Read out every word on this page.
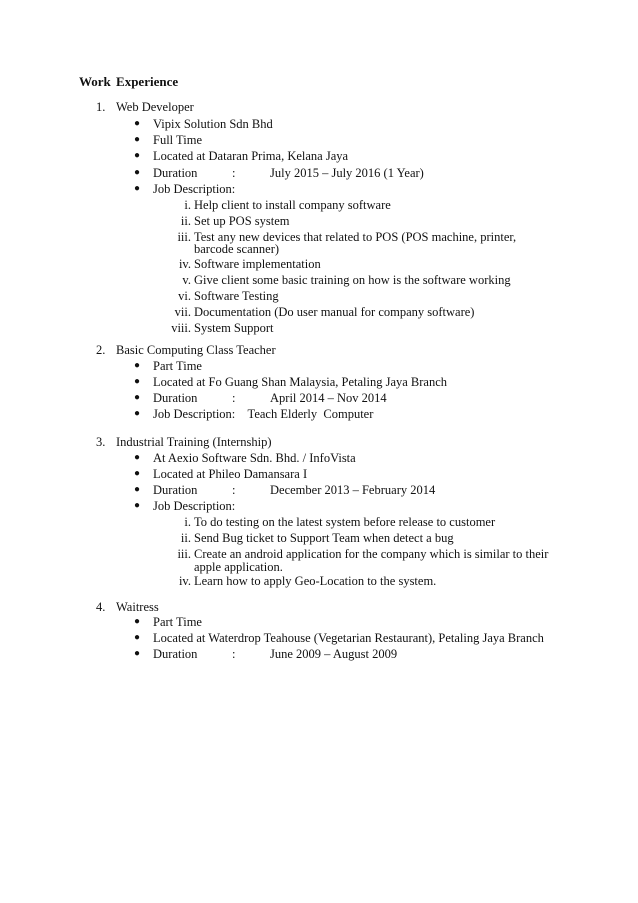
Work Experience
1. Web Developer
●	Vipix Solution Sdn Bhd
●	Full Time
●	Located at Dataran Prima, Kelana Jaya
●	Duration	:	July 2015 – July 2016 (1 Year)
●	Job Description:
i. Help client to install company software
ii. Set up POS system
iii. Test any new devices that related to POS (POS machine, printer,
barcode scanner)
iv. Software implementation
v. Give client some basic training on how is the software working
vi. Software Testing
vii. Documentation (Do user manual for company software)
viii. System Support
2. Basic Computing Class Teacher
●	Part Time
●	Located at Fo Guang Shan Malaysia, Petaling Jaya Branch
●	Duration	:	April 2014 – Nov 2014
●	Job Description:    Teach Elderly  Computer
3. Industrial Training (Internship)
●	At Aexio Software Sdn. Bhd. / InfoVista
●	Located at Phileo Damansara I
●	Duration	:	December 2013 – February 2014
●	Job Description:
i. To do testing on the latest system before release to customer
ii. Send Bug ticket to Support Team when detect a bug
iii. Create an android application for the company which is similar to their
apple application.
iv. Learn how to apply Geo-Location to the system.
4. Waitress
●	Part Time
●	Located at Waterdrop Teahouse (Vegetarian Restaurant), Petaling Jaya Branch
●	Duration	:	June 2009 – August 2009
